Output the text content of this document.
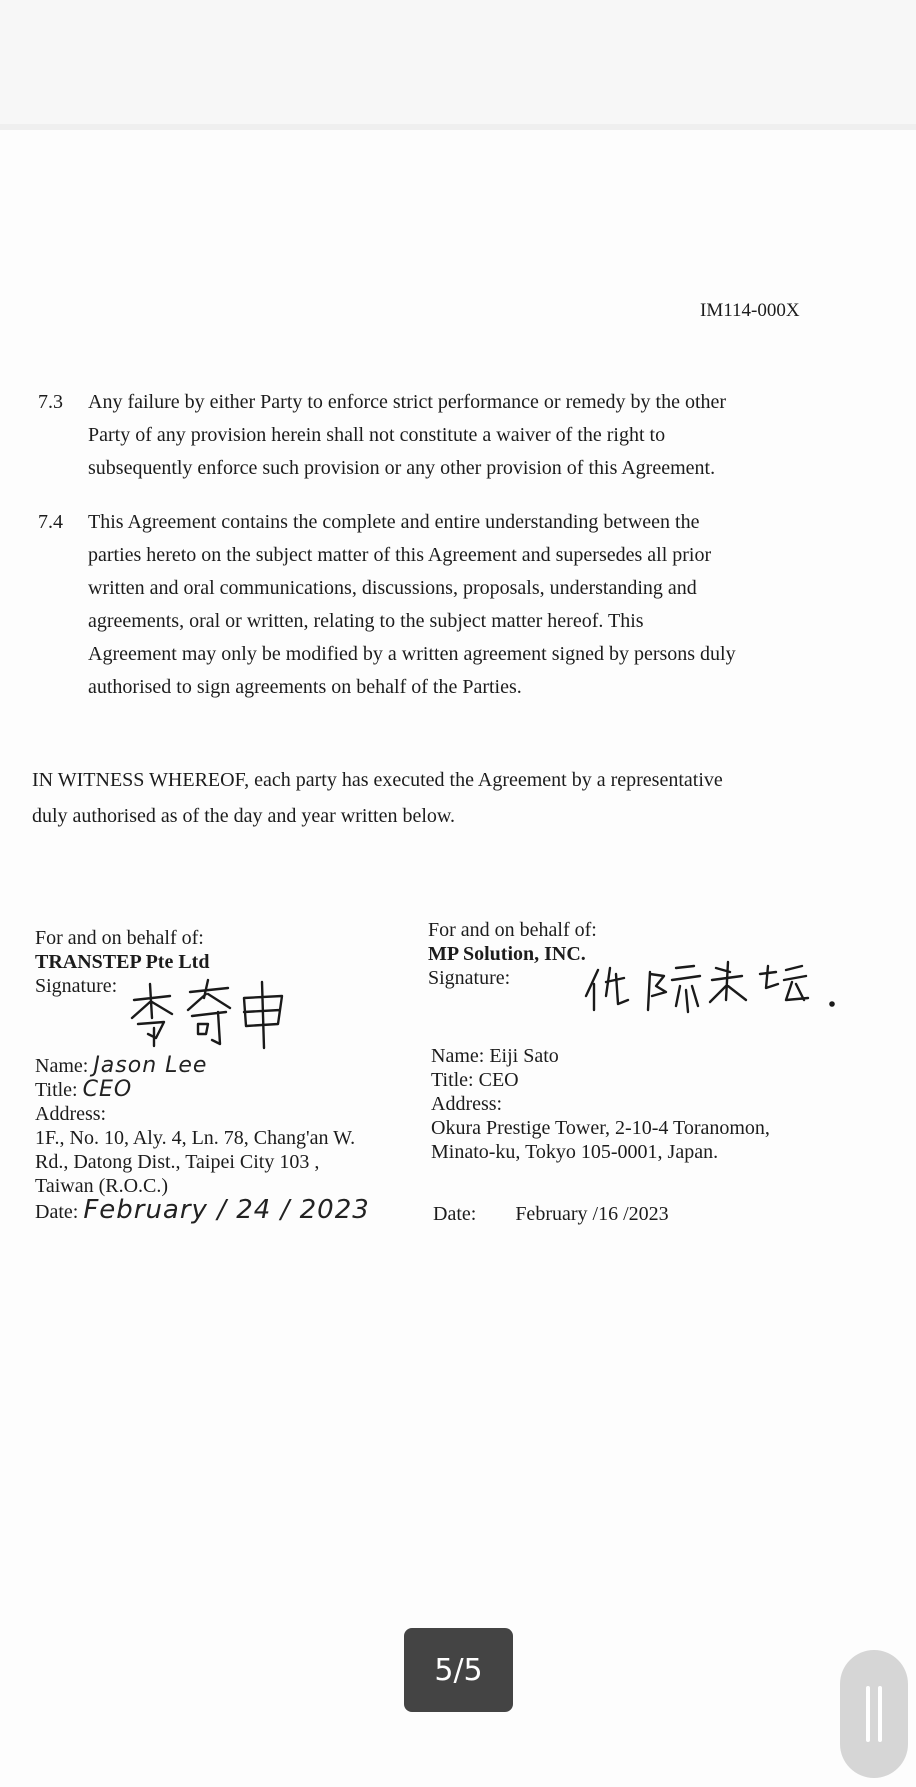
IM114-000X
7.3	Any failure by either Party to enforce strict performance or remedy by the other
Party of any provision herein shall not constitute a waiver of the right to
subsequently enforce such provision or any other provision of this Agreement.
7.4	This Agreement contains the complete and entire understanding between the
parties hereto on the subject matter of this Agreement and supersedes all prior
written and oral communications, discussions, proposals, understanding and
agreements, oral or written, relating to the subject matter hereof. This
Agreement may only be modified by a written agreement signed by persons duly
authorised to sign agreements on behalf of the Parties.
IN WITNESS WHEREOF, each party has executed the Agreement by a representative
duly authorised as of the day and year written below.
For and on behalf of:
TRANSTEP Pte Ltd
Signature:
Name: Jason Lee
Title: CEO
Address:
1F., No. 10, Aly. 4, Ln. 78, Chang'an W.
Rd., Datong Dist., Taipei City 103 ,
Taiwan (R.O.C.)
Date: February / 24 / 2023
For and on behalf of:
MP Solution, INC.
Signature:
Name: Eiji Sato
Title: CEO
Address:
Okura Prestige Tower, 2-10-4 Toranomon,
Minato-ku, Tokyo 105-0001, Japan.
Date: February /16 /2023
5/5
